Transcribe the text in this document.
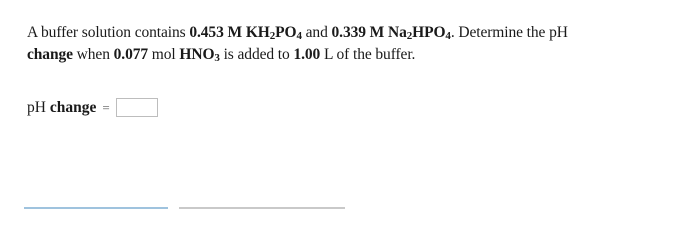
A buffer solution contains 0.453 M $KH_2PO_4$ and 0.339 M $Na_2HPO_4$. Determine the pH
change when 0.077 mol $HNO_3$ is added to 1.00 L of the buffer.
pH change =
